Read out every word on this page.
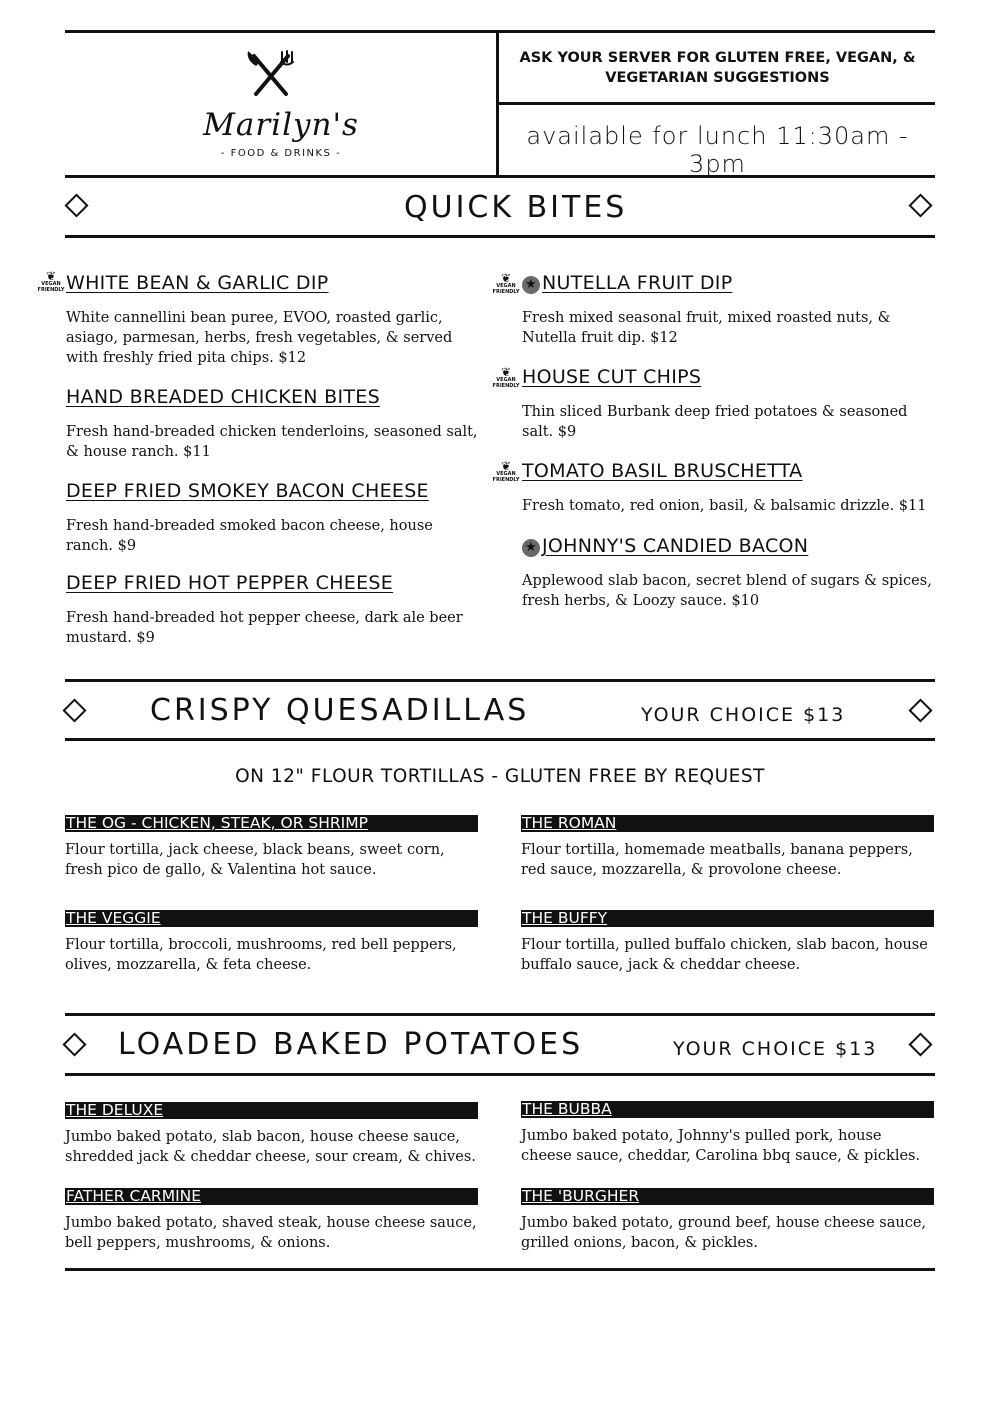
Marilyn's
- FOOD & DRINKS -
ASK YOUR SERVER FOR GLUTEN FREE, VEGAN, & VEGETARIAN SUGGESTIONS
available for lunch 11:30am - 3pm
QUICK BITES
❦
VEGAN FRIENDLY WHITE BEAN & GARLIC DIP
White cannellini bean puree, EVOO, roasted garlic, asiago, parmesan, herbs, fresh vegetables, & served with freshly fried pita chips. $12
HAND BREADED CHICKEN BITES
Fresh hand-breaded chicken tenderloins, seasoned salt, & house ranch. $11
DEEP FRIED SMOKEY BACON CHEESE
Fresh hand-breaded smoked bacon cheese, house ranch. $9
DEEP FRIED HOT PEPPER CHEESE
Fresh hand-breaded hot pepper cheese, dark ale beer mustard. $9
❦
VEGAN FRIENDLY ★ NUTELLA FRUIT DIP
Fresh mixed seasonal fruit, mixed roasted nuts, & Nutella fruit dip. $12
❦
VEGAN FRIENDLY HOUSE CUT CHIPS
Thin sliced Burbank deep fried potatoes & seasoned salt. $9
❦
VEGAN FRIENDLY TOMATO BASIL BRUSCHETTA
Fresh tomato, red onion, basil, & balsamic drizzle. $11
★ JOHNNY'S CANDIED BACON
Applewood slab bacon, secret blend of sugars & spices, fresh herbs, & Loozy sauce. $10
CRISPY QUESADILLAS	YOUR CHOICE $13
ON 12" FLOUR TORTILLAS - GLUTEN FREE BY REQUEST
THE OG - CHICKEN, STEAK, OR SHRIMP
Flour tortilla, jack cheese, black beans, sweet corn, fresh pico de gallo, & Valentina hot sauce.
THE ROMAN
Flour tortilla, homemade meatballs, banana peppers, red sauce, mozzarella, & provolone cheese.
THE VEGGIE
Flour tortilla, broccoli, mushrooms, red bell peppers, olives, mozzarella, & feta cheese.
THE BUFFY
Flour tortilla, pulled buffalo chicken, slab bacon, house buffalo sauce, jack & cheddar cheese.
LOADED BAKED POTATOES	YOUR CHOICE $13
THE DELUXE
Jumbo baked potato, slab bacon, house cheese sauce, shredded jack & cheddar cheese, sour cream, & chives.
THE BUBBA
Jumbo baked potato, Johnny's pulled pork, house cheese sauce, cheddar, Carolina bbq sauce, & pickles.
FATHER CARMINE
Jumbo baked potato, shaved steak, house cheese sauce, bell peppers, mushrooms, & onions.
THE 'BURGHER
Jumbo baked potato, ground beef, house cheese sauce, grilled onions, bacon, & pickles.
